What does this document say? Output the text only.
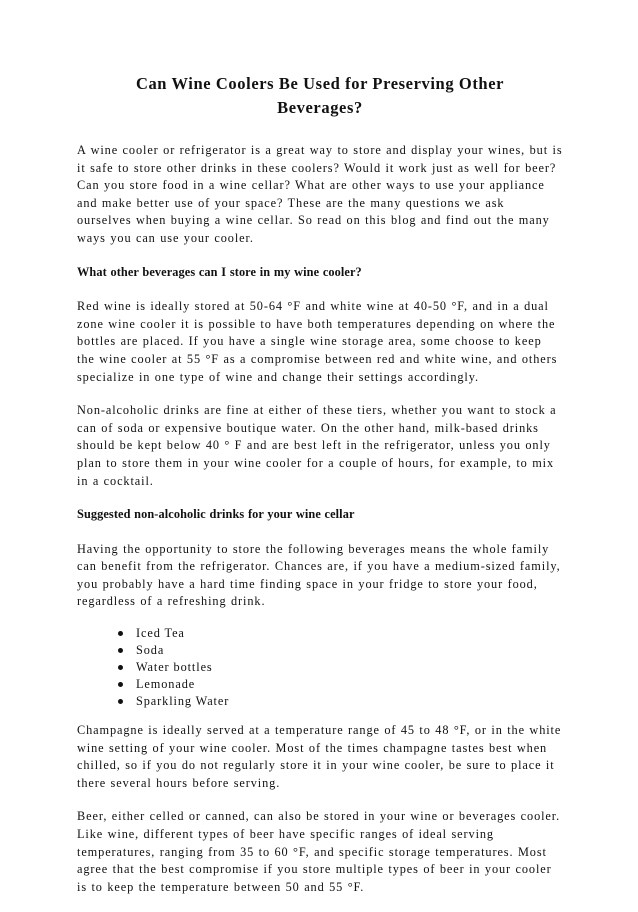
Can Wine Coolers Be Used for Preserving Other Beverages?

A wine cooler or refrigerator is a great way to store and display your wines, but is it safe to store other drinks in these coolers? Would it work just as well for beer? Can you store food in a wine cellar? What are other ways to use your appliance and make better use of your space? These are the many questions we ask ourselves when buying a wine cellar. So read on this blog and find out the many ways you can use your cooler.

What other beverages can I store in my wine cooler?

Red wine is ideally stored at 50-64 °F and white wine at 40-50 °F, and in a dual zone wine cooler it is possible to have both temperatures depending on where the bottles are placed. If you have a single wine storage area, some choose to keep the wine cooler at 55 °F as a compromise between red and white wine, and others specialize in one type of wine and change their settings accordingly.

Non-alcoholic drinks are fine at either of these tiers, whether you want to stock a can of soda or expensive boutique water. On the other hand, milk-based drinks should be kept below 40 ° F and are best left in the refrigerator, unless you only plan to store them in your wine cooler for a couple of hours, for example, to mix in a cocktail.

Suggested non-alcoholic drinks for your wine cellar

Having the opportunity to store the following beverages means the whole family can benefit from the refrigerator. Chances are, if you have a medium-sized family, you probably have a hard time finding space in your fridge to store your food, regardless of a refreshing drink.

Iced Tea
Soda
Water bottles
Lemonade
Sparkling Water

Champagne is ideally served at a temperature range of 45 to 48 °F, or in the white wine setting of your wine cooler. Most of the times champagne tastes best when chilled, so if you do not regularly store it in your wine cooler, be sure to place it there several hours before serving.

Beer, either celled or canned, can also be stored in your wine or beverages cooler. Like wine, different types of beer have specific ranges of ideal serving temperatures, ranging from 35 to 60 °F, and specific storage temperatures. Most agree that the best compromise if you store multiple types of beer in your cooler is to keep the temperature between 50 and 55 °F.
